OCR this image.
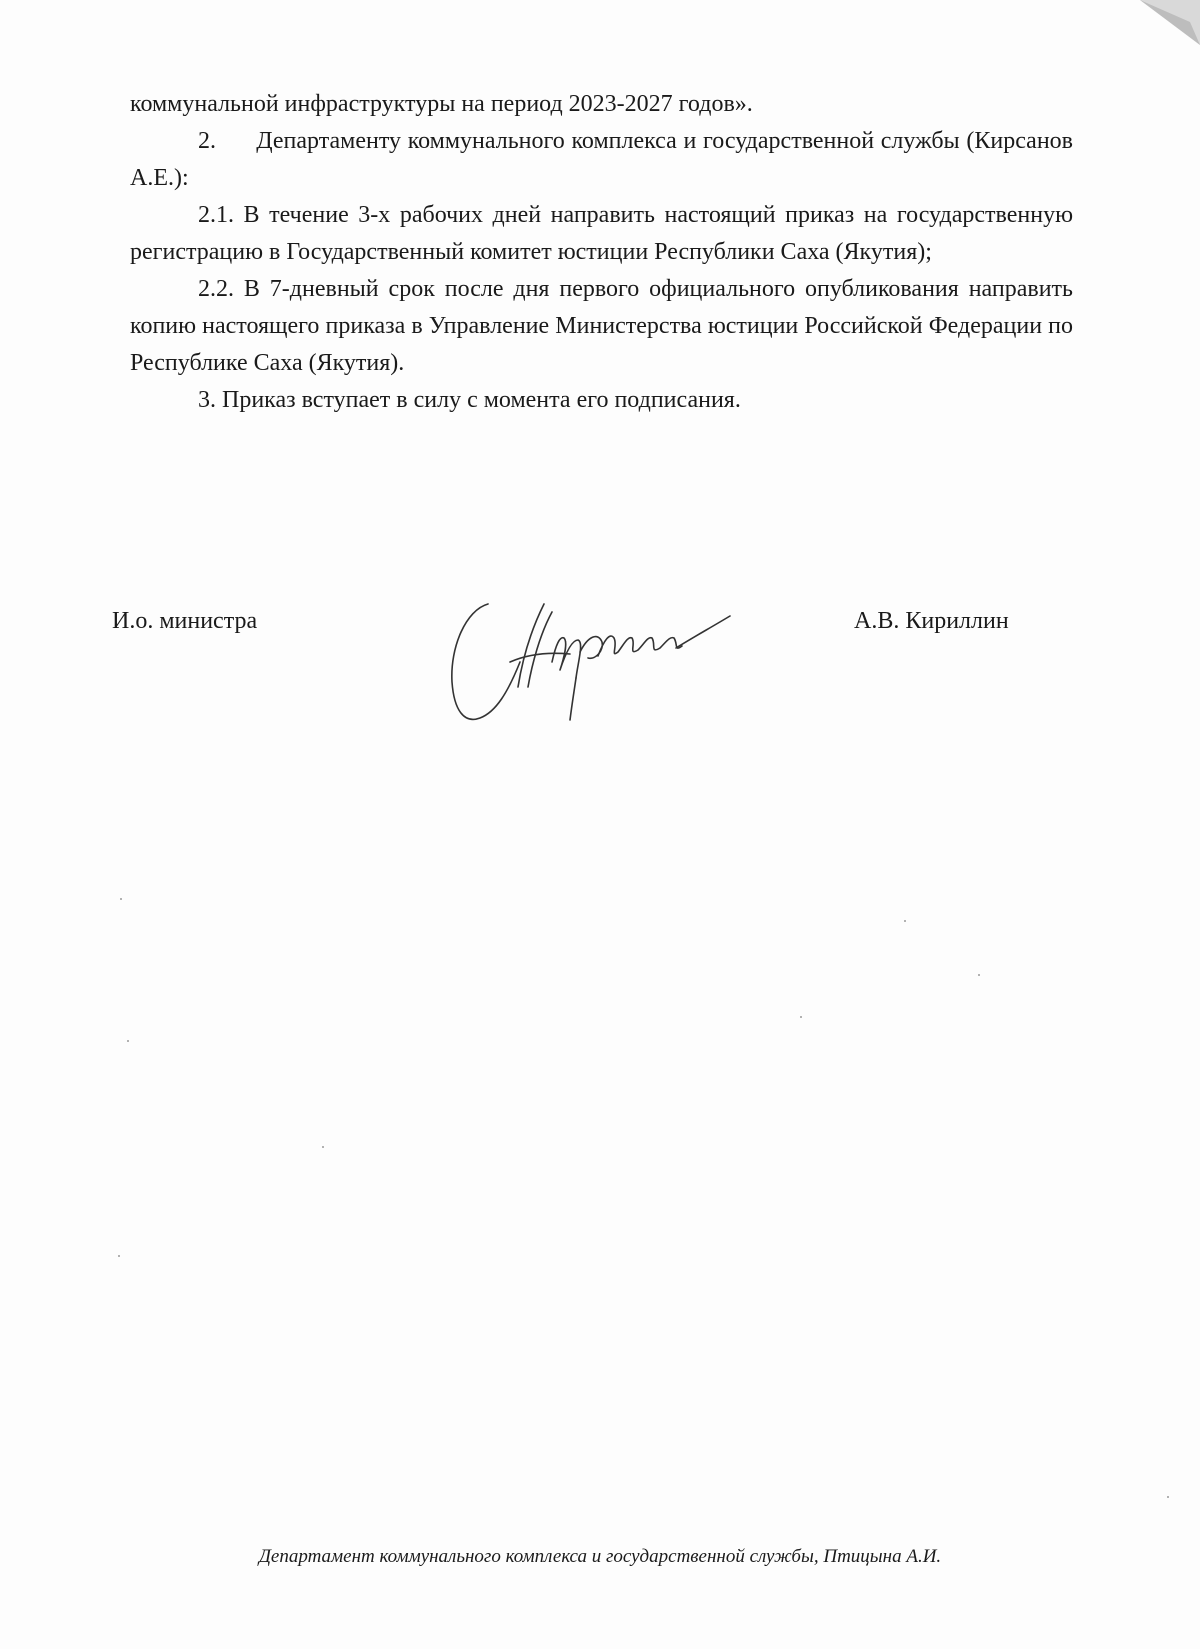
коммунальной инфраструктуры на период 2023-2027 годов».

2.      Департаменту коммунального комплекса и государственной службы (Кирсанов А.Е.):

2.1. В течение 3-х рабочих дней направить настоящий приказ на государственную регистрацию в Государственный комитет юстиции Республики Саха (Якутия);

2.2. В 7-дневный срок после дня первого официального опубликования направить копию настоящего приказа в Управление Министерства юстиции Российской Федерации по Республике Саха (Якутия).

3. Приказ вступает в силу с момента его подписания.

И.о. министра	А.В. Кириллин
Департамент коммунального комплекса и государственной службы, Птицына А.И.
